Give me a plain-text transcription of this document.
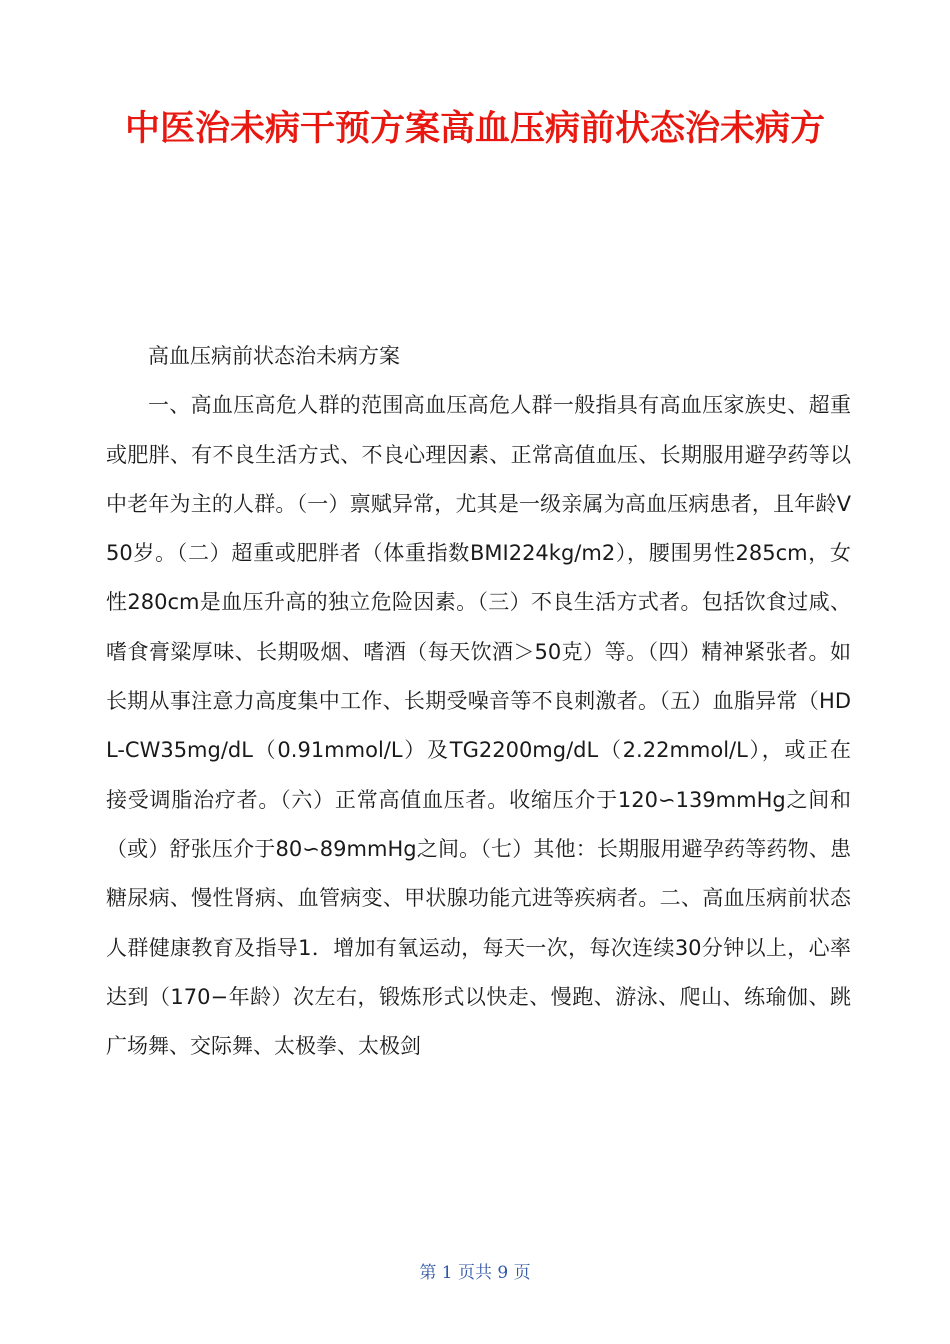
中医治未病干预方案高血压病前状态治未病方

高血压病前状态治未病方案

一、高血压高危人群的范围高血压高危人群一般指具有高血压家族史、超重或肥胖、有不良生活方式、不良心理因素、正常高值血压、长期服用避孕药等以中老年为主的人群。（一）禀赋异常，尤其是一级亲属为高血压病患者，且年龄V50岁。（二）超重或肥胖者（体重指数BMI224kg/m2），腰围男性285cm，女性280cm是血压升高的独立危险因素。（三）不良生活方式者。包括饮食过咸、嗜食膏粱厚味、长期吸烟、嗜酒（每天饮酒＞50克）等。（四）精神紧张者。如长期从事注意力高度集中工作、长期受噪音等不良刺激者。（五）血脂异常（HDL-CW35mg/dL（0.91mmol/L）及TG2200mg/dL（2.22mmol/L），或正在接受调脂治疗者。（六）正常高值血压者。收缩压介于120∽139mmHg之间和（或）舒张压介于80∽89mmHg之间。（七）其他：长期服用避孕药等药物、患糖尿病、慢性肾病、血管病变、甲状腺功能亢进等疾病者。二、高血压病前状态人群健康教育及指导1．增加有氧运动，每天一次，每次连续30分钟以上，心率达到（170−年龄）次左右，锻炼形式以快走、慢跑、游泳、爬山、练瑜伽、跳广场舞、交际舞、太极拳、太极剑

第 1 页共 9 页
